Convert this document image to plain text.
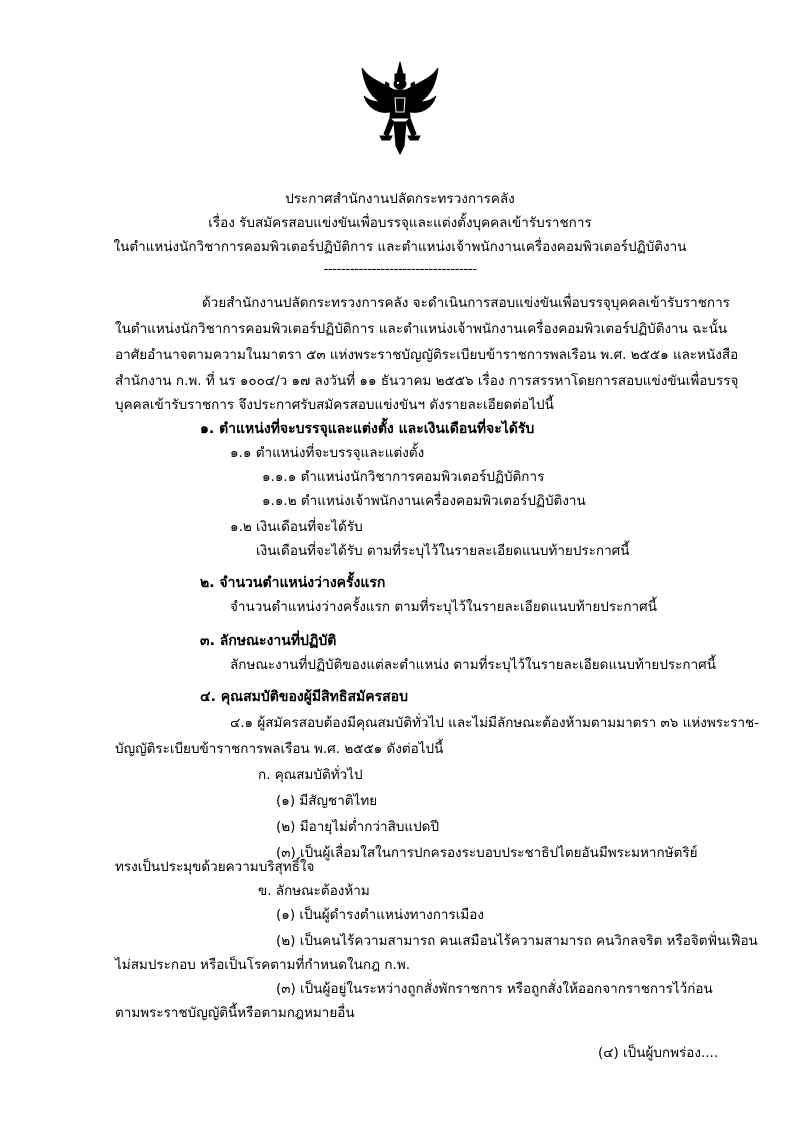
ประกาศสำนักงานปลัดกระทรวงการคลัง
เรื่อง รับสมัครสอบแข่งขันเพื่อบรรจุและแต่งตั้งบุคคลเข้ารับราชการ
ในตำแหน่งนักวิชาการคอมพิวเตอร์ปฏิบัติการ และตำแหน่งเจ้าพนักงานเครื่องคอมพิวเตอร์ปฏิบัติงาน
-----------------------------------
ด้วยสำนักงานปลัดกระทรวงการคลัง จะดำเนินการสอบแข่งขันเพื่อบรรจุบุคคลเข้ารับราชการ
ในตำแหน่งนักวิชาการคอมพิวเตอร์ปฏิบัติการ และตำแหน่งเจ้าพนักงานเครื่องคอมพิวเตอร์ปฏิบัติงาน ฉะนั้น
อาศัยอำนาจตามความในมาตรา ๕๓ แห่งพระราชบัญญัติระเบียบข้าราชการพลเรือน พ.ศ. ๒๕๕๑ และหนังสือ
สำนักงาน ก.พ. ที่ นร ๑๐๐๔/ว ๑๗ ลงวันที่ ๑๑ ธันวาคม ๒๕๕๖ เรื่อง การสรรหาโดยการสอบแข่งขันเพื่อบรรจุ
บุคคลเข้ารับราชการ จึงประกาศรับสมัครสอบแข่งขันฯ ดังรายละเอียดต่อไปนี้
๑. ตำแหน่งที่จะบรรจุและแต่งตั้ง และเงินเดือนที่จะได้รับ
๑.๑ ตำแหน่งที่จะบรรจุและแต่งตั้ง
๑.๑.๑ ตำแหน่งนักวิชาการคอมพิวเตอร์ปฏิบัติการ
๑.๑.๒ ตำแหน่งเจ้าพนักงานเครื่องคอมพิวเตอร์ปฏิบัติงาน
๑.๒ เงินเดือนที่จะได้รับ
เงินเดือนที่จะได้รับ ตามที่ระบุไว้ในรายละเอียดแนบท้ายประกาศนี้
๒. จำนวนตำแหน่งว่างครั้งแรก
จำนวนตำแหน่งว่างครั้งแรก ตามที่ระบุไว้ในรายละเอียดแนบท้ายประกาศนี้
๓. ลักษณะงานที่ปฏิบัติ
ลักษณะงานที่ปฏิบัติของแต่ละตำแหน่ง ตามที่ระบุไว้ในรายละเอียดแนบท้ายประกาศนี้
๔. คุณสมบัติของผู้มีสิทธิสมัครสอบ
๔.๑ ผู้สมัครสอบต้องมีคุณสมบัติทั่วไป และไม่มีลักษณะต้องห้ามตามมาตรา ๓๖ แห่งพระราช-
บัญญัติระเบียบข้าราชการพลเรือน พ.ศ. ๒๕๕๑ ดังต่อไปนี้
ก. คุณสมบัติทั่วไป
(๑) มีสัญชาติไทย
(๒) มีอายุไม่ต่ำกว่าสิบแปดปี
(๓) เป็นผู้เลื่อมใสในการปกครองระบอบประชาธิปไตยอันมีพระมหากษัตริย์
ทรงเป็นประมุขด้วยความบริสุทธิ์ใจ
ข. ลักษณะต้องห้าม
(๑) เป็นผู้ดำรงตำแหน่งทางการเมือง
(๒) เป็นคนไร้ความสามารถ คนเสมือนไร้ความสามารถ คนวิกลจริต หรือจิตฟั่นเฟือน
ไม่สมประกอบ หรือเป็นโรคตามที่กำหนดในกฎ ก.พ.
(๓) เป็นผู้อยู่ในระหว่างถูกสั่งพักราชการ หรือถูกสั่งให้ออกจากราชการไว้ก่อน
ตามพระราชบัญญัตินี้หรือตามกฎหมายอื่น
(๔) เป็นผู้บกพร่อง....
